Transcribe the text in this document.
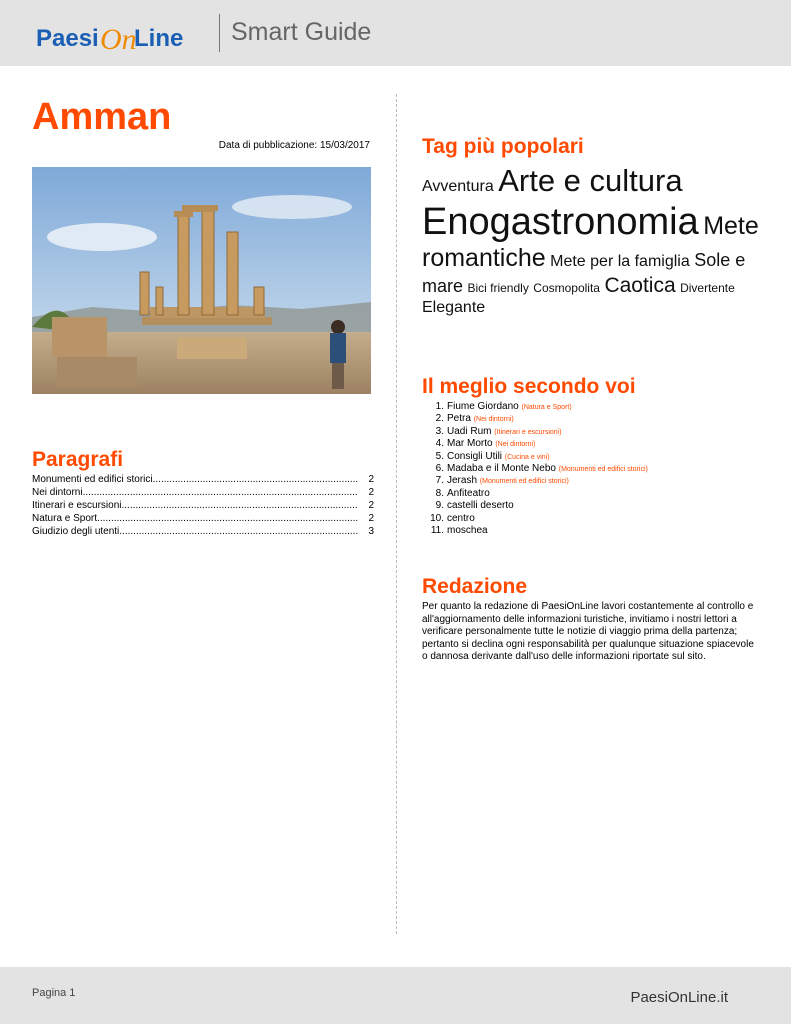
Paesi On
Line Smart Guide
Amman
Data di pubblicazione: 15/03/2017
Paragrafi
Monumenti ed edifici storici .....	2
Nei dintorni .....	2
Itinerari e escursioni .....	2
Natura e Sport .....	2
Giudizio degli utenti .....	3
Tag più popolari
Avventura Arte e cultura Enogastronomia Mete romantiche Mete per la famiglia Sole e mare Bici friendly Cosmopolita Caotica Divertente Elegante
Il meglio secondo voi
1. Fiume Giordano (Natura e Sport)
2. Petra (Nei dintorni)
3. Uadi Rum (Itinerari e escursioni)
4. Mar Morto (Nei dintorni)
5. Consigli Utili (Cucina e vini)
6. Madaba e il Monte Nebo (Monumenti ed edifici storici)
7. Jerash (Monumenti ed edifici storici)
8. Anfiteatro
9. castelli deserto
10. centro
11. moschea
Redazione
Per quanto la redazione di PaesiOnLine lavori costantemente al controllo e all'aggiornamento delle informazioni turistiche, invitiamo i nostri lettori a verificare personalmente tutte le notizie di viaggio prima della partenza; pertanto si declina ogni responsabilità per qualunque situazione spiacevole o dannosa derivante dall'uso delle informazioni riportate sul sito.
Pagina 1	PaesiOnLine.it
